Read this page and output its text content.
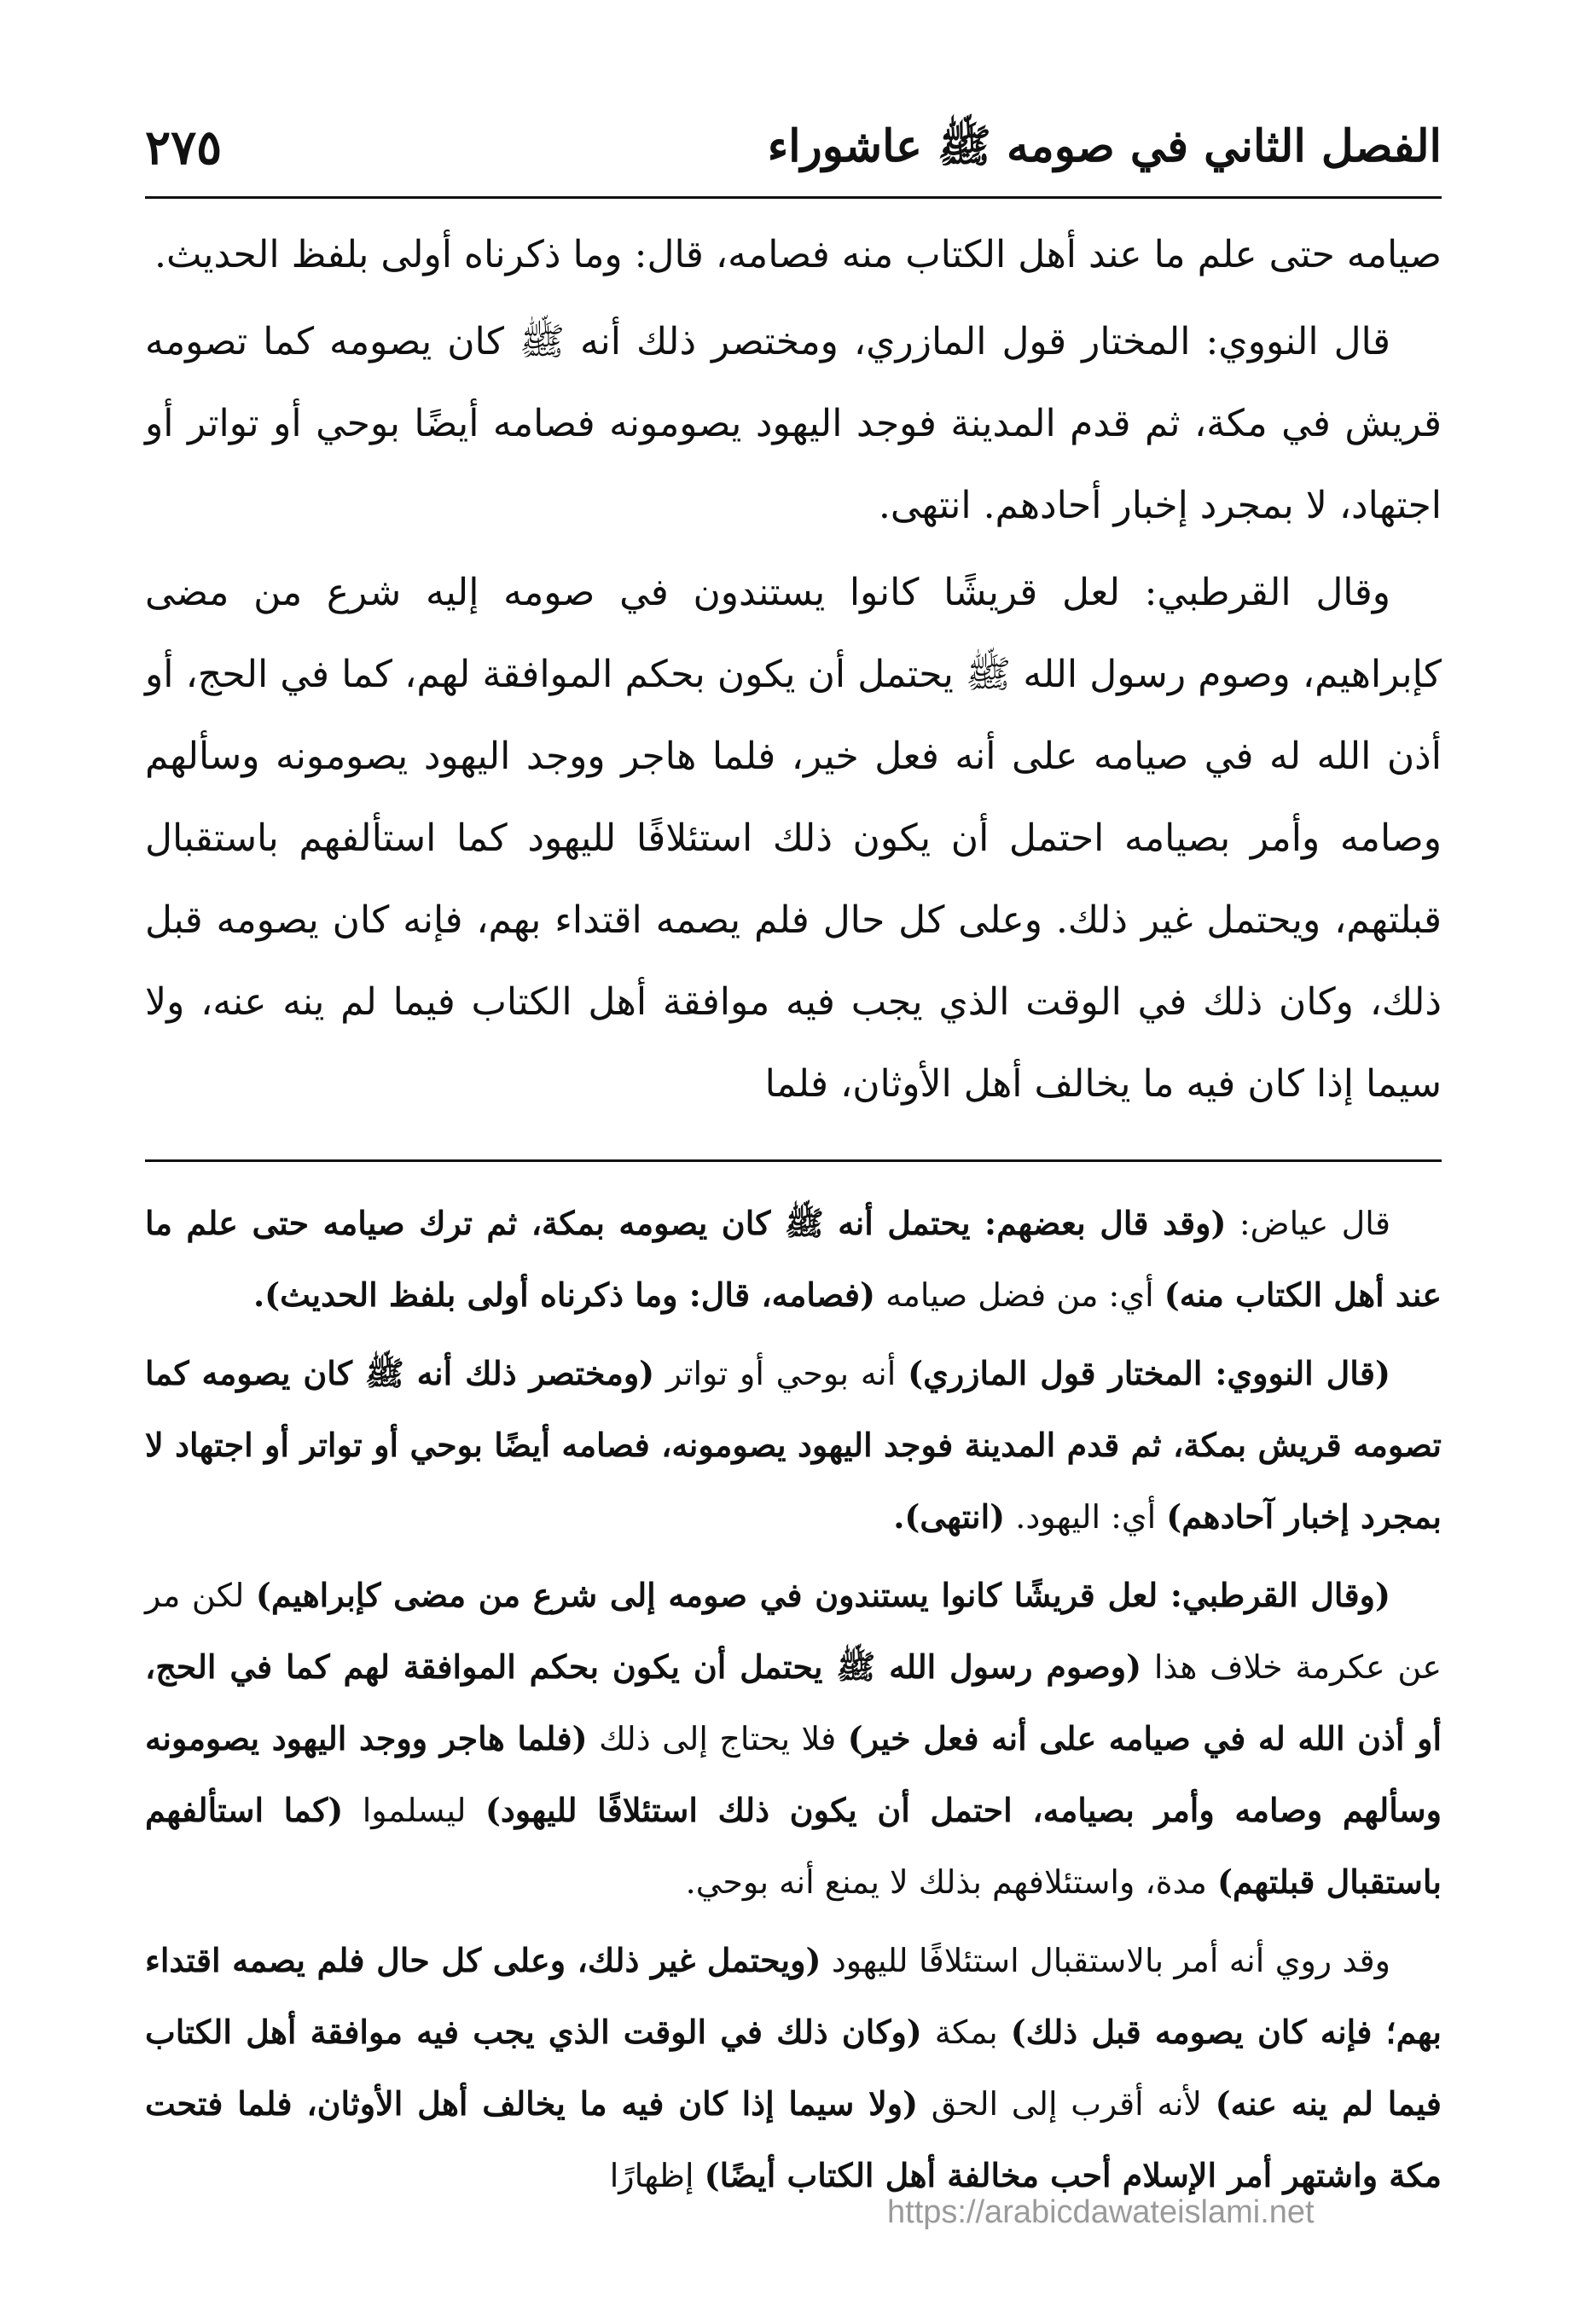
الفصل الثاني في صومه ﷺ عاشوراء
٢٧٥

صيامه حتى علم ما عند أهل الكتاب منه فصامه، قال: وما ذكرناه أولى بلفظ الحديث.

قال النووي: المختار قول المازري، ومختصر ذلك أنه ﷺ كان يصومه كما تصومه قريش في مكة، ثم قدم المدينة فوجد اليهود يصومونه فصامه أيضًا بوحي أو تواتر أو اجتهاد، لا بمجرد إخبار أحادهم. انتهى.

وقال القرطبي: لعل قريشًا كانوا يستندون في صومه إليه شرع من مضى كإبراهيم، وصوم رسول الله ﷺ يحتمل أن يكون بحكم الموافقة لهم، كما في الحج، أو أذن الله له في صيامه على أنه فعل خير، فلما هاجر ووجد اليهود يصومونه وسألهم وصامه وأمر بصيامه احتمل أن يكون ذلك استئلافًا لليهود كما استألفهم باستقبال قبلتهم، ويحتمل غير ذلك. وعلى كل حال فلم يصمه اقتداء بهم، فإنه كان يصومه قبل ذلك، وكان ذلك في الوقت الذي يجب فيه موافقة أهل الكتاب فيما لم ينه عنه، ولا سيما إذا كان فيه ما يخالف أهل الأوثان، فلما

قال عياض: (وقد قال بعضهم: يحتمل أنه ﷺ كان يصومه بمكة، ثم ترك صيامه حتى علم ما عند أهل الكتاب منه) أي: من فضل صيامه (فصامه، قال: وما ذكرناه أولى بلفظ الحديث).

(قال النووي: المختار قول المازري) أنه بوحي أو تواتر (ومختصر ذلك أنه ﷺ كان يصومه كما تصومه قريش بمكة، ثم قدم المدينة فوجد اليهود يصومونه، فصامه أيضًا بوحي أو تواتر أو اجتهاد لا بمجرد إخبار آحادهم) أي: اليهود. (انتهى).

(وقال القرطبي: لعل قريشًا كانوا يستندون في صومه إلى شرع من مضى كإبراهيم) لكن مر عن عكرمة خلاف هذا (وصوم رسول الله ﷺ يحتمل أن يكون بحكم الموافقة لهم كما في الحج، أو أذن الله له في صيامه على أنه فعل خير) فلا يحتاج إلى ذلك (فلما هاجر ووجد اليهود يصومونه وسألهم وصامه وأمر بصيامه، احتمل أن يكون ذلك استئلافًا لليهود) ليسلموا (كما استألفهم باستقبال قبلتهم) مدة، واستئلافهم بذلك لا يمنع أنه بوحي.

وقد روي أنه أمر بالاستقبال استئلافًا لليهود (ويحتمل غير ذلك، وعلى كل حال فلم يصمه اقتداء بهم؛ فإنه كان يصومه قبل ذلك) بمكة (وكان ذلك في الوقت الذي يجب فيه موافقة أهل الكتاب فيما لم ينه عنه) لأنه أقرب إلى الحق (ولا سيما إذا كان فيه ما يخالف أهل الأوثان، فلما فتحت مكة واشتهر أمر الإسلام أحب مخالفة أهل الكتاب أيضًا) إظهارًا

https://arabicdawateislami.net
